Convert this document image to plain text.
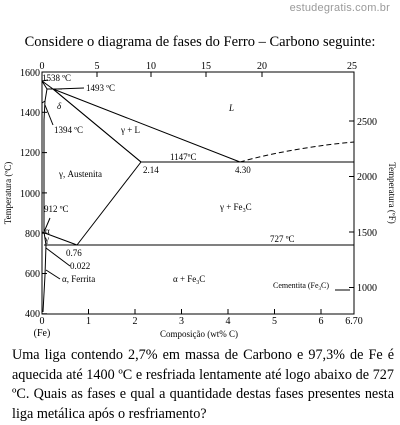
estudegratis.com.br
Considere o diagrama de fases do Ferro – Carbono seguinte:
1600
1400
1200
1000
800
600
400
Temperatura (ºC)
2500
2000
1500
1000
Temperatura (ºF)
0	5	10	15	20	25
0	1	2	3	4	5	6 6.70
(Fe)	Composição (wt% C)
1538 ºC
1493 ºC
1394 ºC
1147ºC
912 ºC
727 ºC
2.14	4.30
0.76
0.022
δ	L
γ + L
γ, Austenita
$\gamma + Fe_3C$
α
γ
α, Ferrita	$\alpha + Fe_3C$
Cementita $(Fe_3C)$
Uma liga contendo 2,7% em massa de Carbono e 97,3% de Fe é aquecida até 1400 ºC e resfriada lentamente até logo abaixo de 727 ºC. Quais as fases e qual a quantidade destas fases presentes nesta liga metálica após o resfriamento?
